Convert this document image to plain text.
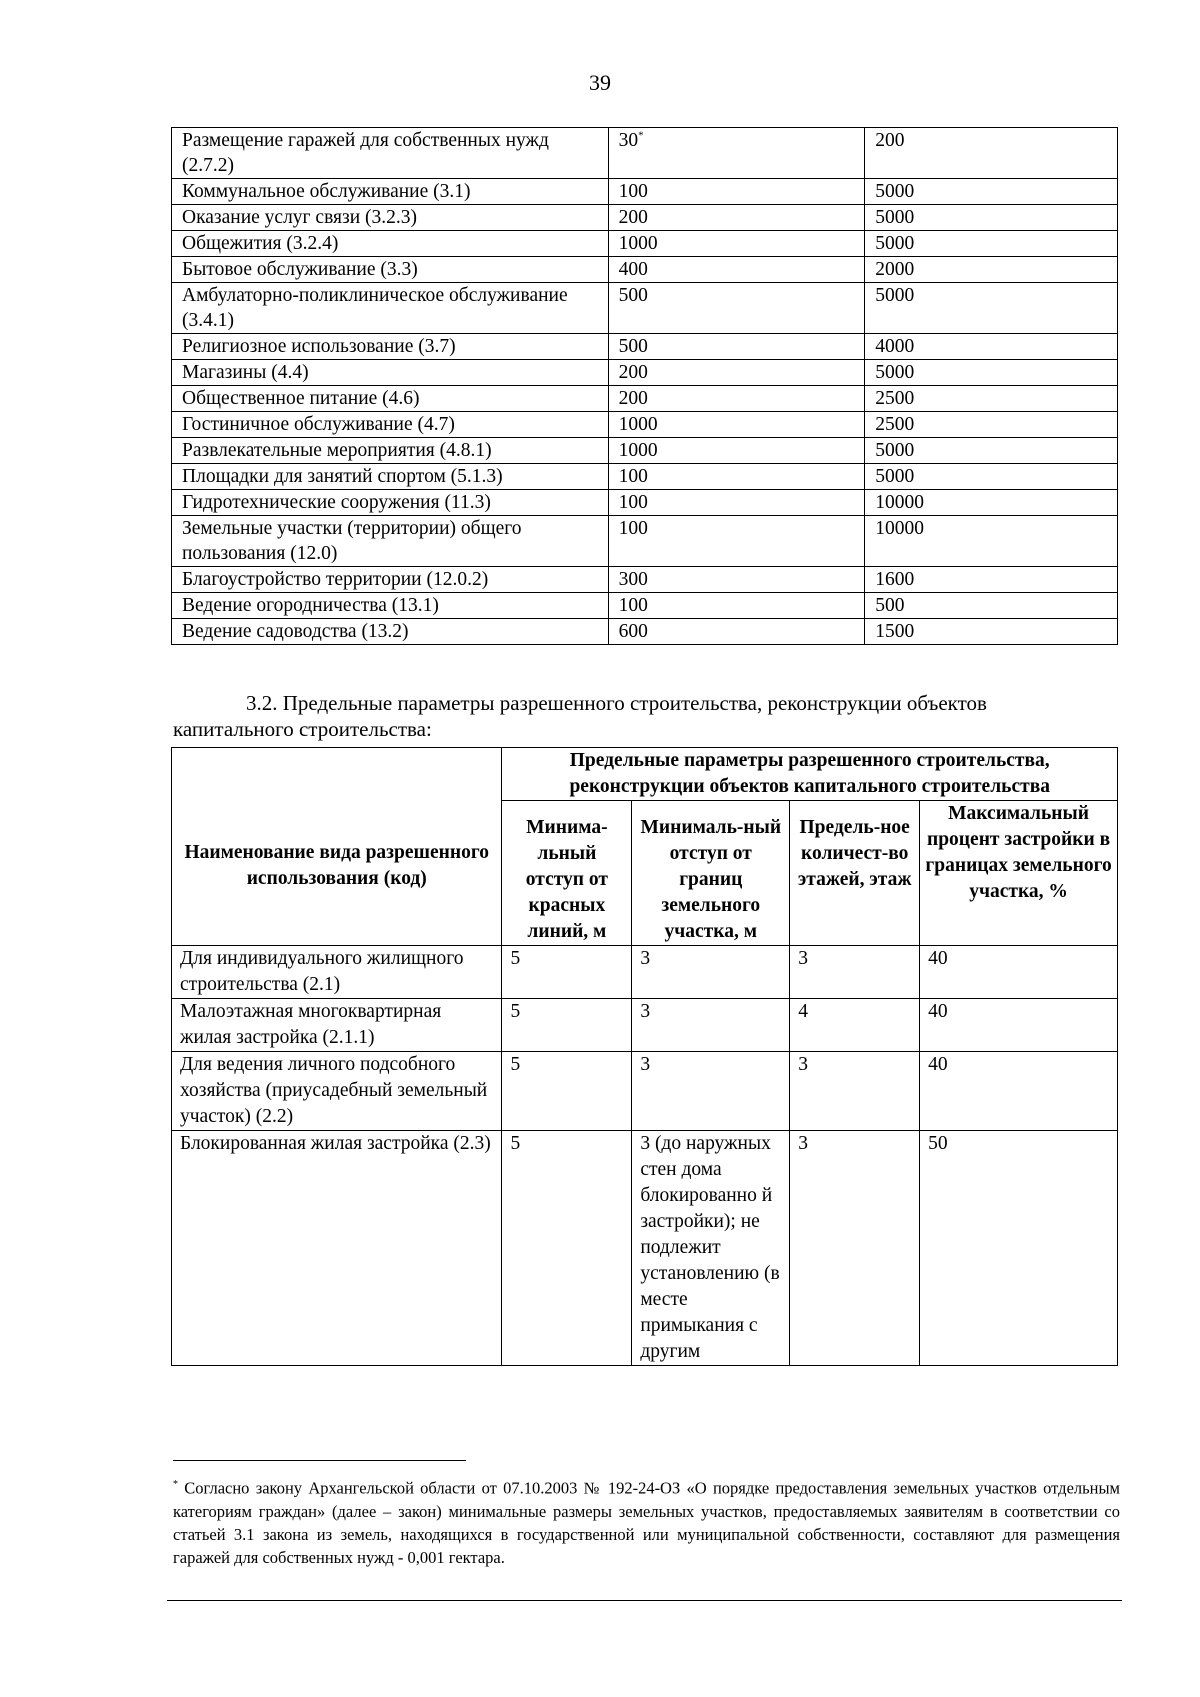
39
Размещение гаражей для собственных нужд (2.7.2)	30*	200
Коммунальное обслуживание (3.1)	100	5000
Оказание услуг связи (3.2.3)	200	5000
Общежития (3.2.4)	1000	5000
Бытовое обслуживание (3.3)	400	2000
Амбулаторно-поликлиническое обслуживание (3.4.1)	500	5000
Религиозное использование (3.7)	500	4000
Магазины (4.4)	200	5000
Общественное питание (4.6)	200	2500
Гостиничное обслуживание (4.7)	1000	2500
Развлекательные мероприятия (4.8.1)	1000	5000
Площадки для занятий спортом (5.1.3)	100	5000
Гидротехнические сооружения (11.3)	100	10000
Земельные участки (территории) общего пользования (12.0)	100	10000
Благоустройство территории (12.0.2)	300	1600
Ведение огородничества (13.1)	100	500
Ведение садоводства (13.2)	600	1500
3.2. Предельные параметры разрешенного строительства, реконструкции объектов
капитального строительства:
Наименование вида разрешенного использования (код)	Предельные параметры разрешенного строительства, реконструкции объектов капитального строительства			
	Минима-льный отступ от красных линий, м	Минималь-ный отступ от границ земельного участка, м	Предель-ное количест-во этажей, этаж	Максимальный процент застройки в границах земельного участка, %
Для индивидуального жилищного строительства (2.1)	5	3	3	40
Малоэтажная многоквартирная жилая застройка (2.1.1)	5	3	4	40
Для ведения личного подсобного хозяйства (приусадебный земельный участок) (2.2)	5	3	3	40
Блокированная жилая застройка (2.3)	5	3 (до наружных стен дома блокированно й застройки); не подлежит установлению (в месте примыкания с другим	3	50
* Согласно закону Архангельской области от 07.10.2003 № 192-24-ОЗ «О порядке предоставления земельных участков отдельным категориям граждан» (далее – закон) минимальные размеры земельных участков, предоставляемых заявителям в соответствии со статьей 3.1 закона из земель, находящихся в государственной или муниципальной собственности, составляют для размещения гаражей для собственных нужд - 0,001 гектара.
